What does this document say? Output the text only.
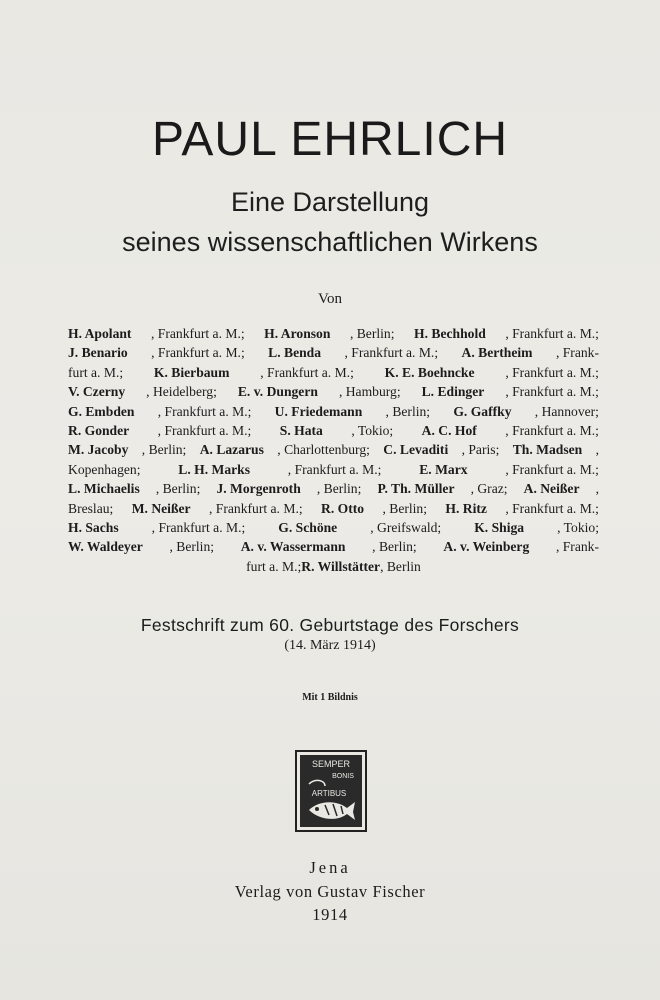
PAUL EHRLICH
Eine Darstellung
seines wissenschaftlichen Wirkens
Von
H. Apolant , Frankfurt a. M.; H. Aronson , Berlin; H. Bechhold , Frankfurt a. M.;
J. Benario , Frankfurt a. M.; L. Benda , Frankfurt a. M.; A. Bertheim , Frank-
furt a. M.; K. Bierbaum , Frankfurt a. M.; K. E. Boehncke , Frankfurt a. M.;
V. Czerny , Heidelberg; E. v. Dungern , Hamburg; L. Edinger , Frankfurt a. M.;
G. Embden , Frankfurt a. M.; U. Friedemann , Berlin; G. Gaffky , Hannover;
R. Gonder , Frankfurt a. M.; S. Hata , Tokio; A. C. Hof , Frankfurt a. M.;
M. Jacoby , Berlin; A. Lazarus , Charlottenburg; C. Levaditi , Paris; Th. Madsen ,
Kopenhagen;	L. H. Marks	, Frankfurt a. M.;	E. Marx	, Frankfurt a. M.;
L. Michaelis , Berlin; J. Morgenroth , Berlin; P. Th. Müller , Graz; A. Neißer ,
Breslau; M. Neißer , Frankfurt a. M.; R. Otto , Berlin; H. Ritz , Frankfurt a. M.;
H. Sachs , Frankfurt a. M.; G. Schöne , Greifswald; K. Shiga , Tokio;
W. Waldeyer , Berlin; A. v. Wassermann , Berlin; A. v. Weinberg , Frank-
furt a. M.; R. Willstätter , Berlin
Festschrift zum 60. Geburtstage des Forschers
(14. März 1914)
Mit 1 Bildnis
SEMPER
BONIS
ARTIBUS
Jena
Verlag von Gustav Fischer
1914
